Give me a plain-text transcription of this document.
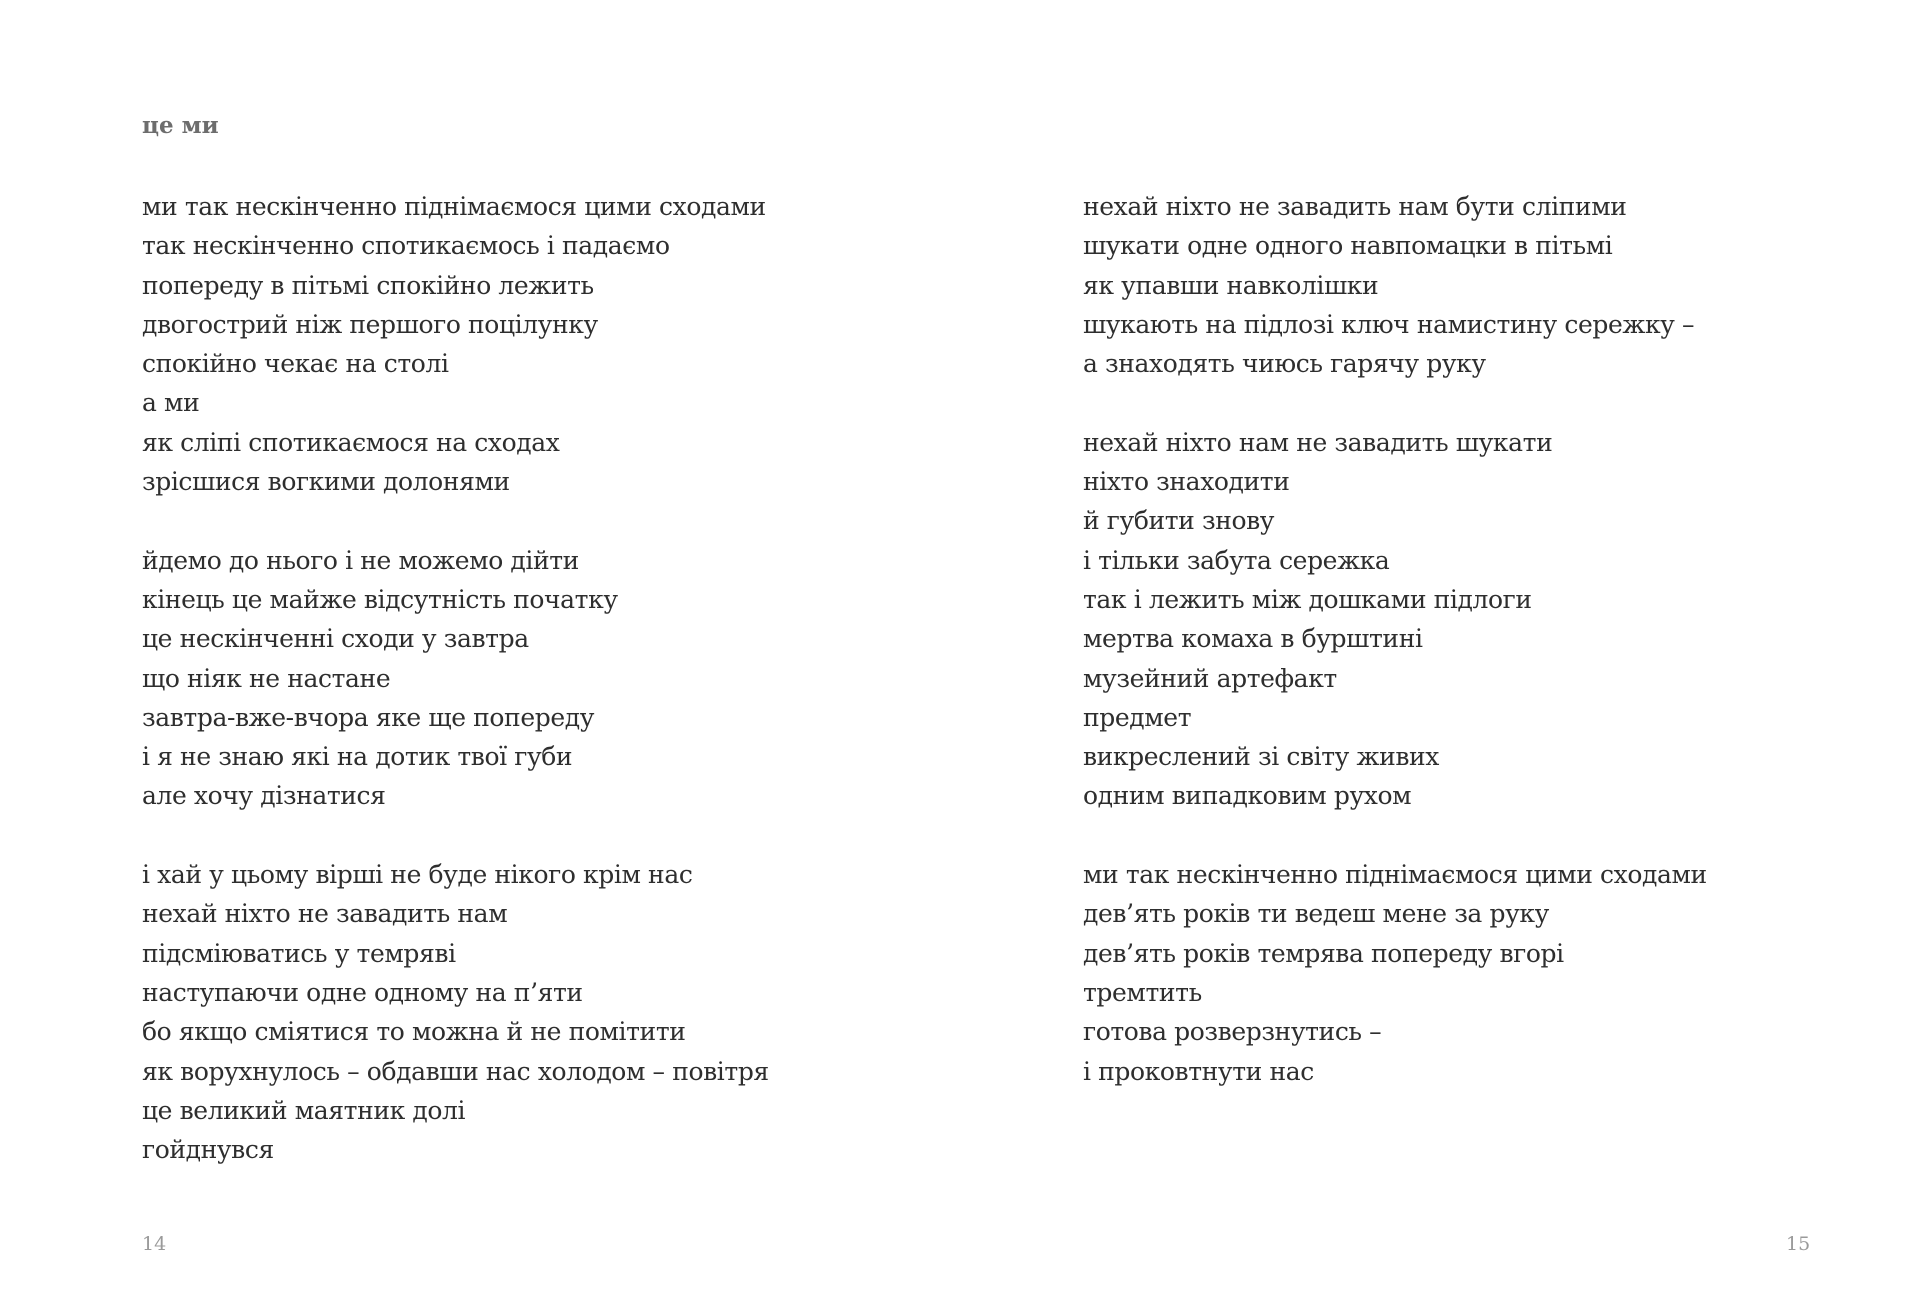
це ми
ми так нескінченно піднімаємося цими сходами
так нескінченно спотикаємось і падаємо
попереду в пітьмі спокійно лежить
двогострий ніж першого поцілунку
спокійно чекає на столі
а ми
як сліпі спотикаємося на сходах
зрісшися вогкими долонями
йдемо до нього і не можемо дійти
кінець це майже відсутність початку
це нескінченні сходи у завтра
що ніяк не настане
завтра-вже-вчора яке ще попереду
і я не знаю які на дотик твої губи
але хочу дізнатися
і хай у цьому вірші не буде нікого крім нас
нехай ніхто не завадить нам
підсміюватись у темряві
наступаючи одне одному на п’яти
бо якщо сміятися то можна й не помітити
як ворухнулось – обдавши нас холодом – повітря
це великий маятник долі
гойднувся
нехай ніхто не завадить нам бути сліпими
шукати одне одного навпомацки в пітьмі
як упавши навколішки
шукають на підлозі ключ намистину сережку –
а знаходять чиюсь гарячу руку
нехай ніхто нам не завадить шукати
ніхто знаходити
й губити знову
і тільки забута сережка
так і лежить між дошками підлоги
мертва комаха в бурштині
музейний артефакт
предмет
викреслений зі світу живих
одним випадковим рухом
ми так нескінченно піднімаємося цими сходами
дев’ять років ти ведеш мене за руку
дев’ять років темрява попереду вгорі
тремтить
готова розверзнутись –
і проковтнути нас
14	15
